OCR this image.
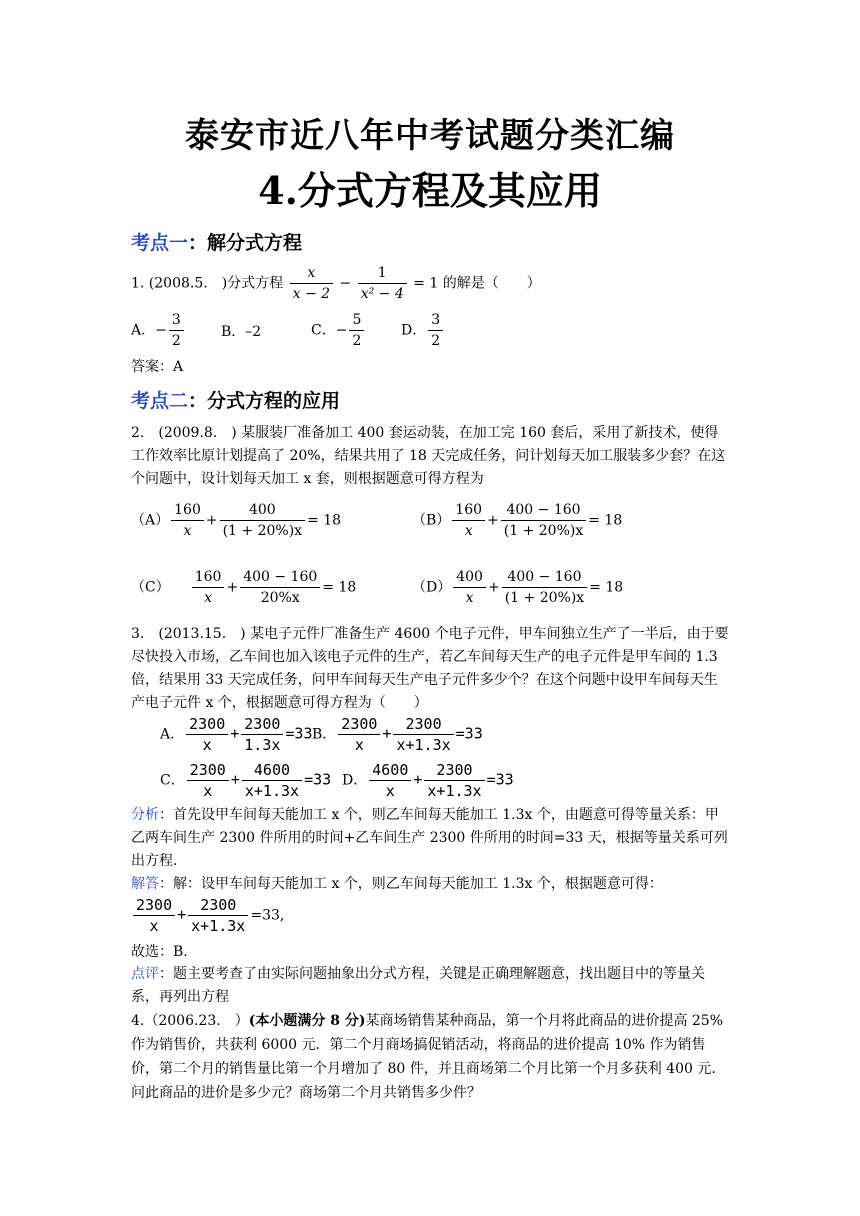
泰安市近八年中考试题分类汇编
4.分式方程及其应用
考点一：解分式方程
1. (2008.5.　)分式方程 $\frac{x}{x - 2} - \frac{1}{\text{x² − 4}} = 1$ 的解是（　　）
A．− $\frac{3}{2}$	B．–2	C．− $\frac{5}{2}$	D． $\frac{3}{2}$
答案：A
考点二：分式方程的应用
2.　(2009.8.　) 某服装厂准备加工 400 套运动装，在加工完 160 套后，采用了新技术，使得工作效率比原计划提高了 20%，结果共用了 18 天完成任务，问计划每天加工服装多少套？在这个问题中，设计划每天加工 x 套，则根据题意可得方程为
$(A) \frac{160}{x} + \frac{400}{(1 + 20\%)x} = 18$	$(B) \frac{160}{x} + \frac{400 - 160}{(1 + 20\%)x} = 18$
$(C) \frac{160}{x} + \frac{400 - 160}{20\%x} = 18$	$(D) \frac{400}{x} + \frac{400 - 160}{(1 + 20\%)x} = 18$
3.　(2013.15.　) 某电子元件厂准备生产 4600 个电子元件，甲车间独立生产了一半后，由于要尽快投入市场，乙车间也加入该电子元件的生产，若乙车间每天生产的电子元件是甲车间的 1.3 倍，结果用 33 天完成任务，问甲车间每天生产电子元件多少个？在这个问题中设甲车间每天生产电子元件 x 个，根据题意可得方程为（　　）
A． $\frac{2300}{x} + \frac{2300}{1.3x} =33$ B． $\frac{2300}{x} + \frac{2300}{x+1.3x} =33$
C． $\frac{2300}{x} + \frac{4600}{x+1.3x} =33$ D． $\frac{4600}{x} + \frac{2300}{x+1.3x} =33$
分析：首先设甲车间每天能加工 x 个，则乙车间每天能加工 1.3x 个，由题意可得等量关系：甲乙两车间生产 2300 件所用的时间+乙车间生产 2300 件所用的时间=33 天，根据等量关系可列出方程.
解答：解：设甲车间每天能加工 x 个，则乙车间每天能加工 1.3x 个，根据题意可得：
$\frac{2300}{x} + \frac{2300}{x+1.3x} =33$,
故选：B.
点评：题主要考查了由实际问题抽象出分式方程，关键是正确理解题意，找出题目中的等量关系，再列出方程
4.（2006.23.　）(本小题满分 8 分)某商场销售某种商品，第一个月将此商品的进价提高 25% 作为销售价，共获利 6000 元．第二个月商场搞促销活动，将商品的进价提高 10% 作为销售价，第二个月的销售量比第一个月增加了 80 件，并且商场第二个月比第一个月多获利 400 元．问此商品的进价是多少元？商场第二个月共销售多少件？
